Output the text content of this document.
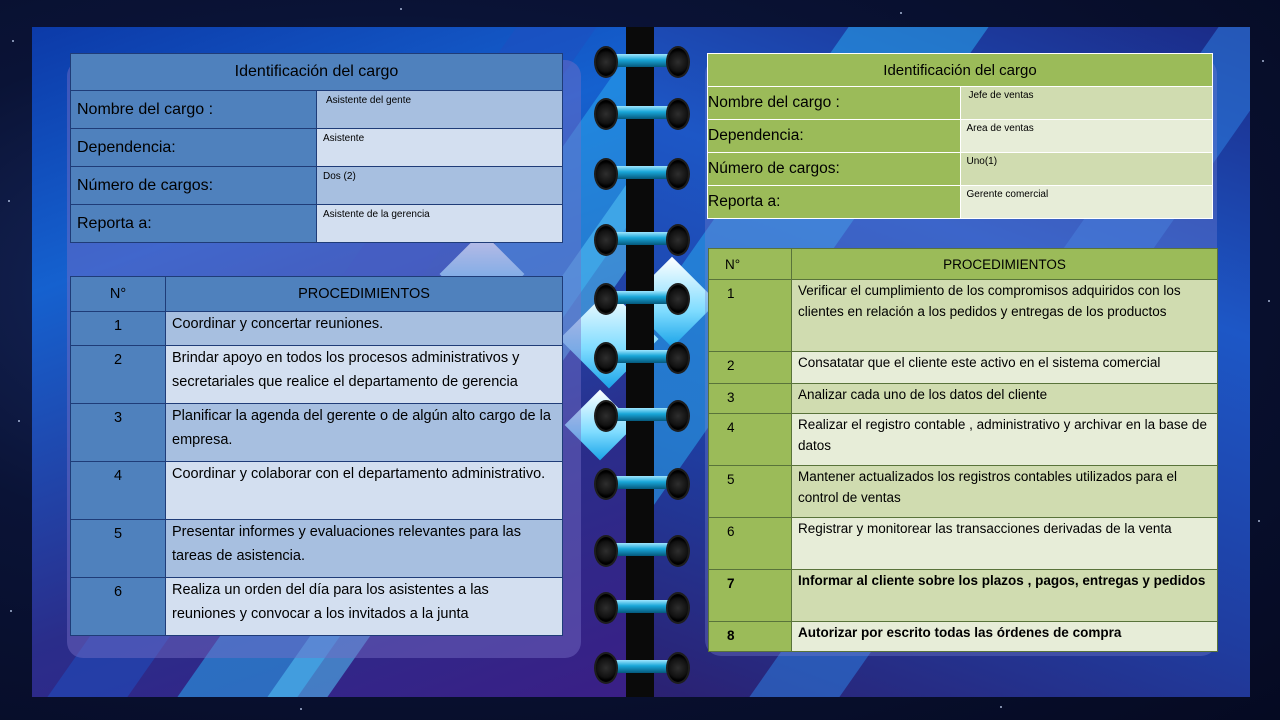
Identificación del cargo	
Nombre del cargo :	Asistente del gente
Dependencia:	Asistente
Número de cargos:	Dos (2)
Reporta a:	Asistente de la gerencia
N°	PROCEDIMIENTOS
1	Coordinar y concertar reuniones.
2	Brindar apoyo en todos los procesos administrativos y secretariales que realice el departamento de gerencia
3	Planificar la agenda del gerente o de algún alto cargo de la empresa.
4	Coordinar y colaborar con el departamento administrativo.
5	Presentar informes y evaluaciones relevantes para las tareas de asistencia.
6	Realiza un orden del día para los asistentes a las reuniones y convocar a los invitados a la junta
Identificación del cargo	
Nombre del cargo :	Jefe de ventas
Dependencia:	Area de ventas
Número de cargos:	Uno(1)
Reporta a:	Gerente comercial
N°	PROCEDIMIENTOS
1	Verificar el cumplimiento de los compromisos adquiridos con los clientes en relación a los pedidos y entregas de los productos
2	Consatatar que el cliente este activo en el sistema comercial
3	Analizar cada uno de los datos del cliente
4	Realizar el registro contable , administrativo y archivar en la base de datos
5	Mantener actualizados los registros contables utilizados para el control de ventas
6	Registrar y monitorear las transacciones derivadas de la venta
7	Informar al cliente sobre los plazos , pagos, entregas y pedidos
8	Autorizar por escrito todas las órdenes de compra
